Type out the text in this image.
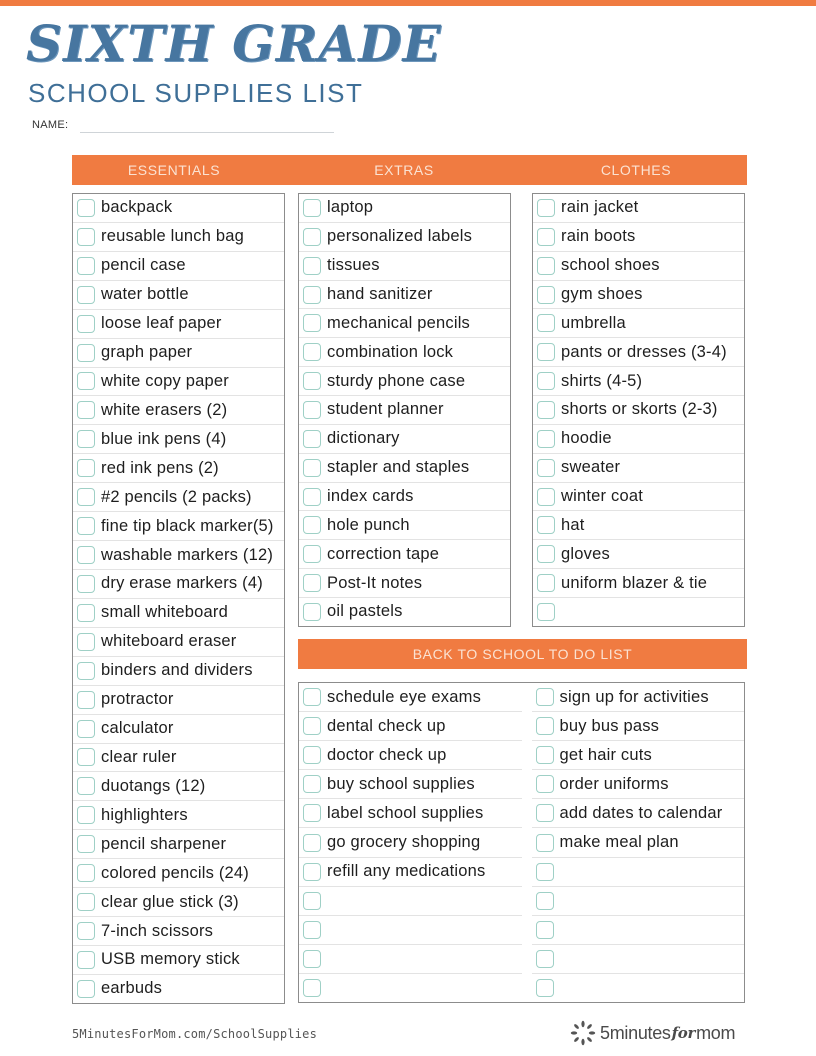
SIXTH GRADE
SCHOOL SUPPLIES LIST
NAME:
ESSENTIALS	EXTRAS	CLOTHES
backpack
reusable lunch bag
pencil case
water bottle
loose leaf paper
graph paper
white copy paper
white erasers (2)
blue ink pens (4)
red ink pens (2)
#2 pencils (2 packs)
fine tip black marker(5)
washable markers (12)
dry erase markers (4)
small whiteboard
whiteboard eraser
binders and dividers
protractor
calculator
clear ruler
duotangs (12)
highlighters
pencil sharpener
colored pencils (24)
clear glue stick (3)
7-inch scissors
USB memory stick
earbuds
laptop
personalized labels
tissues
hand sanitizer
mechanical pencils
combination lock
sturdy phone case
student planner
dictionary
stapler and staples
index cards
hole punch
correction tape
Post-It notes
oil pastels
rain jacket
rain boots
school shoes
gym shoes
umbrella
pants or dresses (3-4)
shirts (4-5)
shorts or skorts (2-3)
hoodie
sweater
winter coat
hat
gloves
uniform blazer & tie
BACK TO SCHOOL TO DO LIST
schedule eye exams
dental check up
doctor check up
buy school supplies
label school supplies
go grocery shopping
refill any medications
sign up for activities
buy bus pass
get hair cuts
order uniforms
add dates to calendar
make meal plan
5MinutesForMom.com/SchoolSupplies	5minutes for mom
